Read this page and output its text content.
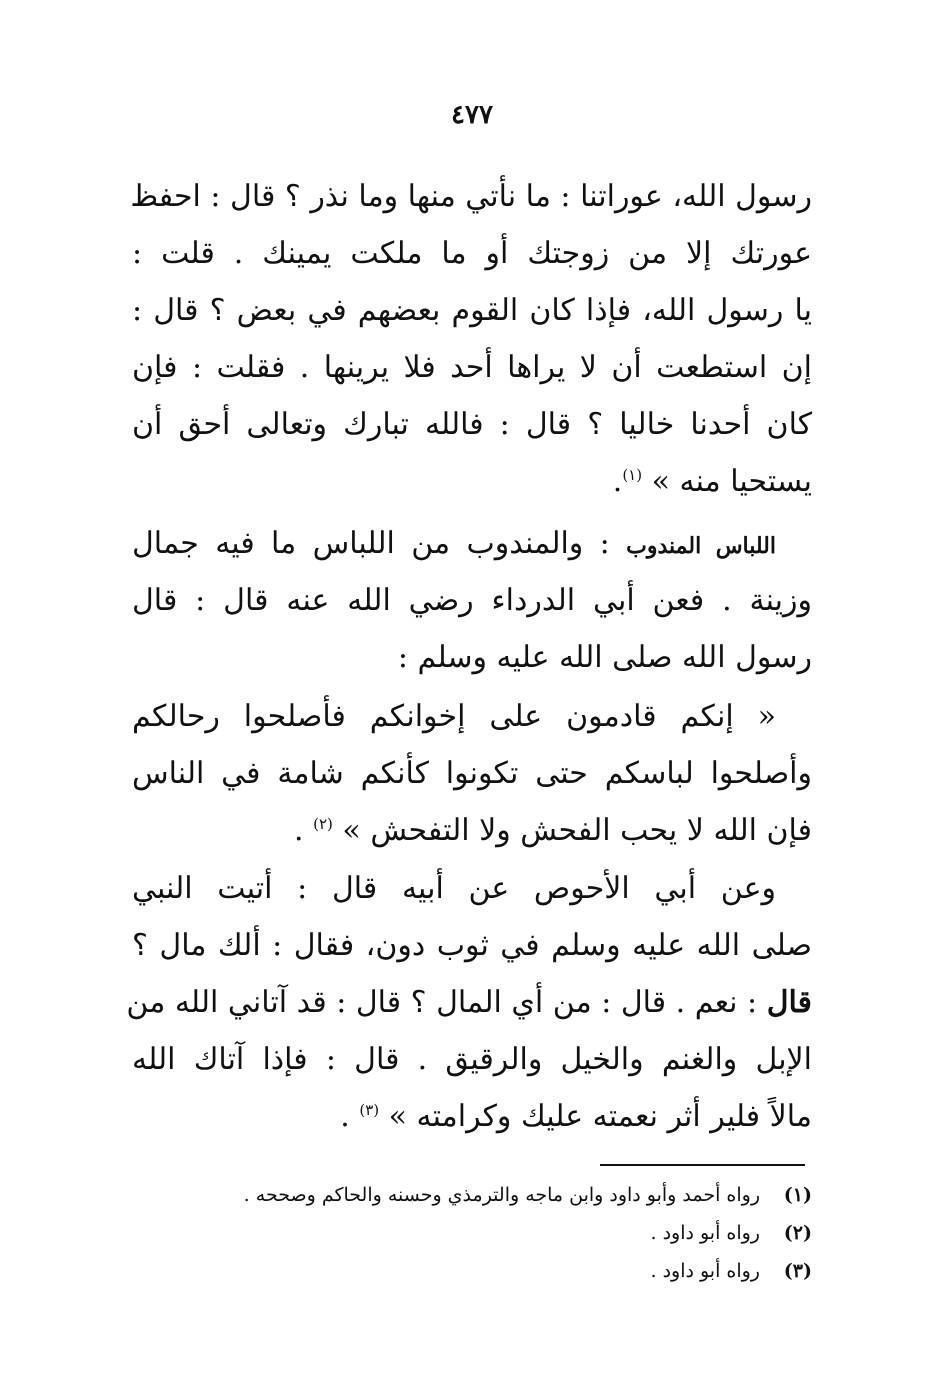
٤٧٧
رسول الله، عوراتنا : ما نأتي منها وما نذر ؟ قال : احفظ
عورتك إلا من زوجتك أو ما ملكت يمينك . قلت :
يا رسول الله، فإذا كان القوم بعضهم في بعض ؟ قال :
إن استطعت أن لا يراها أحد فلا يرينها . فقلت : فإن
كان أحدنا خاليا ؟ قال : فالله تبارك وتعالى أحق أن
يستحيا منه » $^{(١)}$.
اللباس المندوب : والمندوب من اللباس ما فيه جمال
وزينة . فعن أبي الدرداء رضي الله عنه قال : قال
رسول الله صلى الله عليه وسلم :
« إنكم قادمون على إخوانكم فأصلحوا رحالكم
وأصلحوا لباسكم حتى تكونوا كأنكم شامة في الناس
فإن الله لا يحب الفحش ولا التفحش » $^{(٢)}$ .
وعن أبي الأحوص عن أبيه قال : أتيت النبي
صلى الله عليه وسلم في ثوب دون، فقال : ألك مال ؟
قال : نعم . قال : من أي المال ؟ قال : قد آتاني الله من
الإبل والغنم والخيل والرقيق . قال : فإذا آتاك الله
مالاً فلير أثر نعمته عليك وكرامته » $^{(٣)}$ .
(١)
رواه أحمد وأبو داود وابن ماجه والترمذي وحسنه والحاكم وصححه .
(٢)
رواه أبو داود .
(٣)
رواه أبو داود .
